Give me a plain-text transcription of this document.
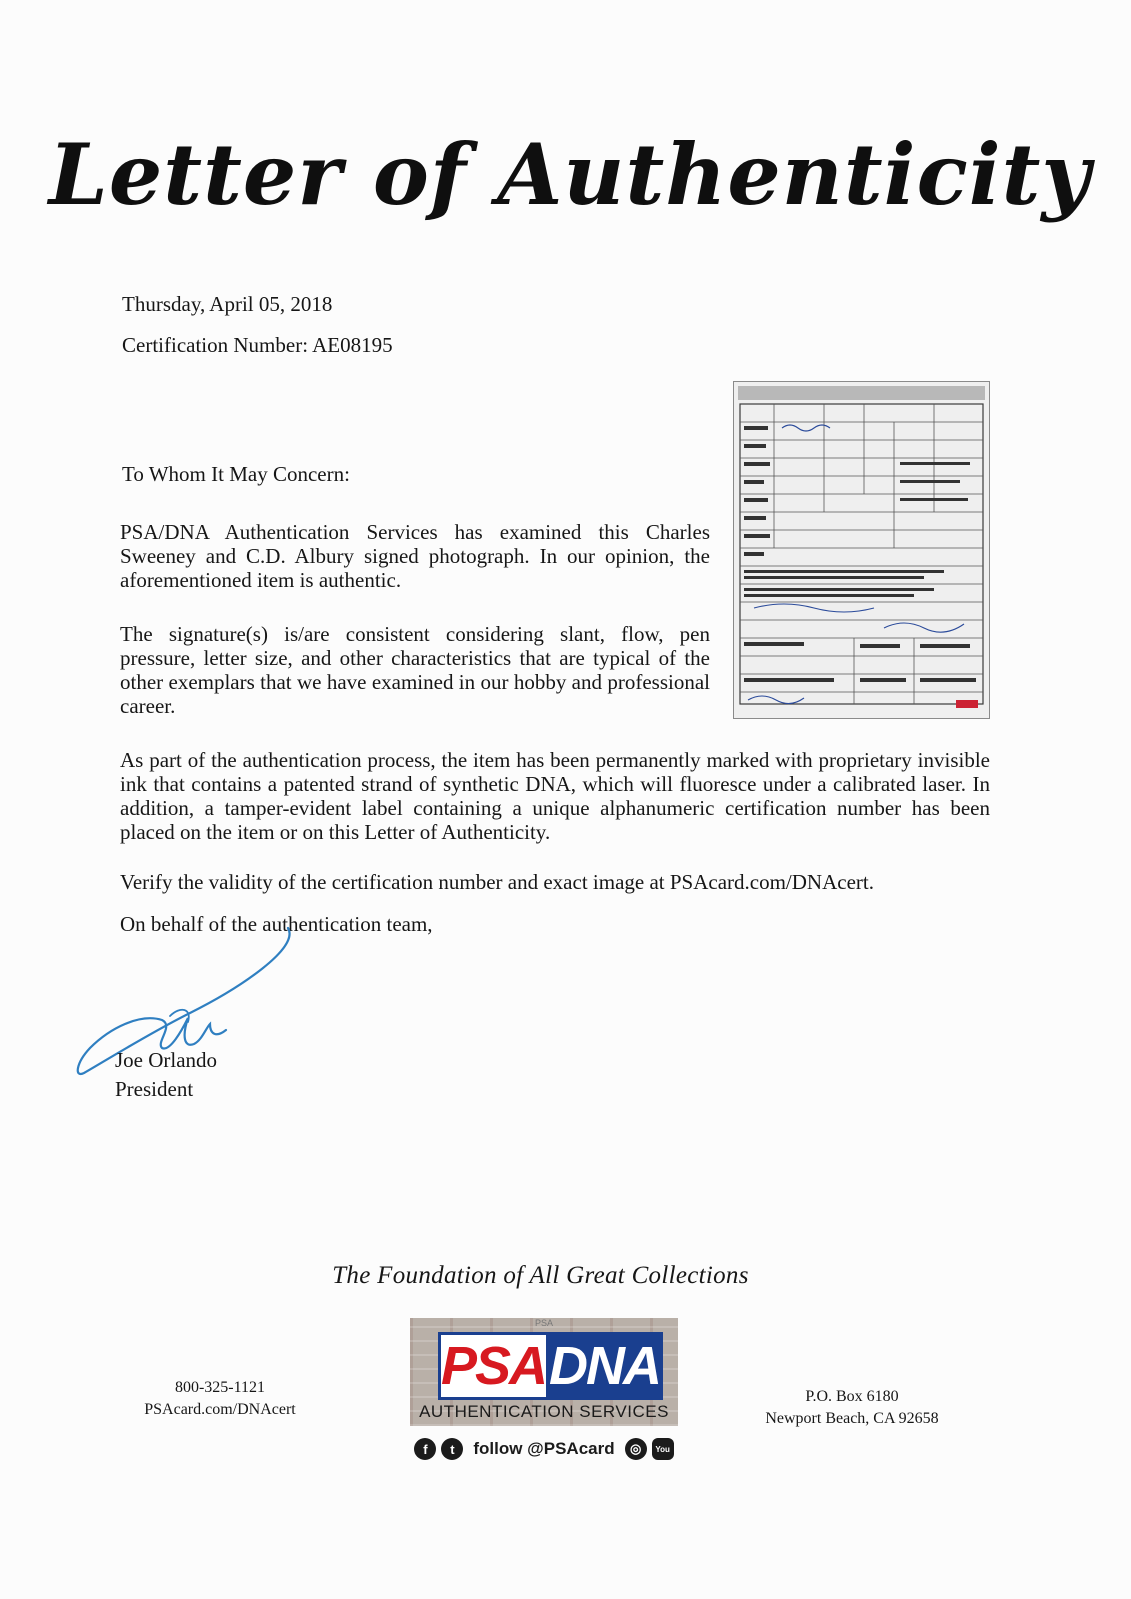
Letter of Authenticity
Thursday, April 05, 2018
Certification Number: AE08195
To Whom It May Concern:

PSA/DNA Authentication Services has examined this Charles Sweeney and C.D. Albury signed photograph. In our opinion, the aforementioned item is authentic.

The signature(s) is/are consistent considering slant, flow, pen pressure, letter size, and other characteristics that are typical of the other exemplars that we have examined in our hobby and professional career.

As part of the authentication process, the item has been permanently marked with proprietary invisible ink that contains a patented strand of synthetic DNA, which will fluoresce under a calibrated laser. In addition, a tamper-evident label containing a unique alphanumeric certification number has been placed on the item or on this Letter of Authenticity.

Verify the validity of the certification number and exact image at PSAcard.com/DNAcert.

On behalf of the authentication team,

Joe Orlando
President
The Foundation of All Great Collections
800-325-1121
PSAcard.com/DNAcert
PSA
PSA DNA
AUTHENTICATION SERVICES
f	t	follow @PSAcard	◎	You
P.O. Box 6180
Newport Beach, CA 92658
